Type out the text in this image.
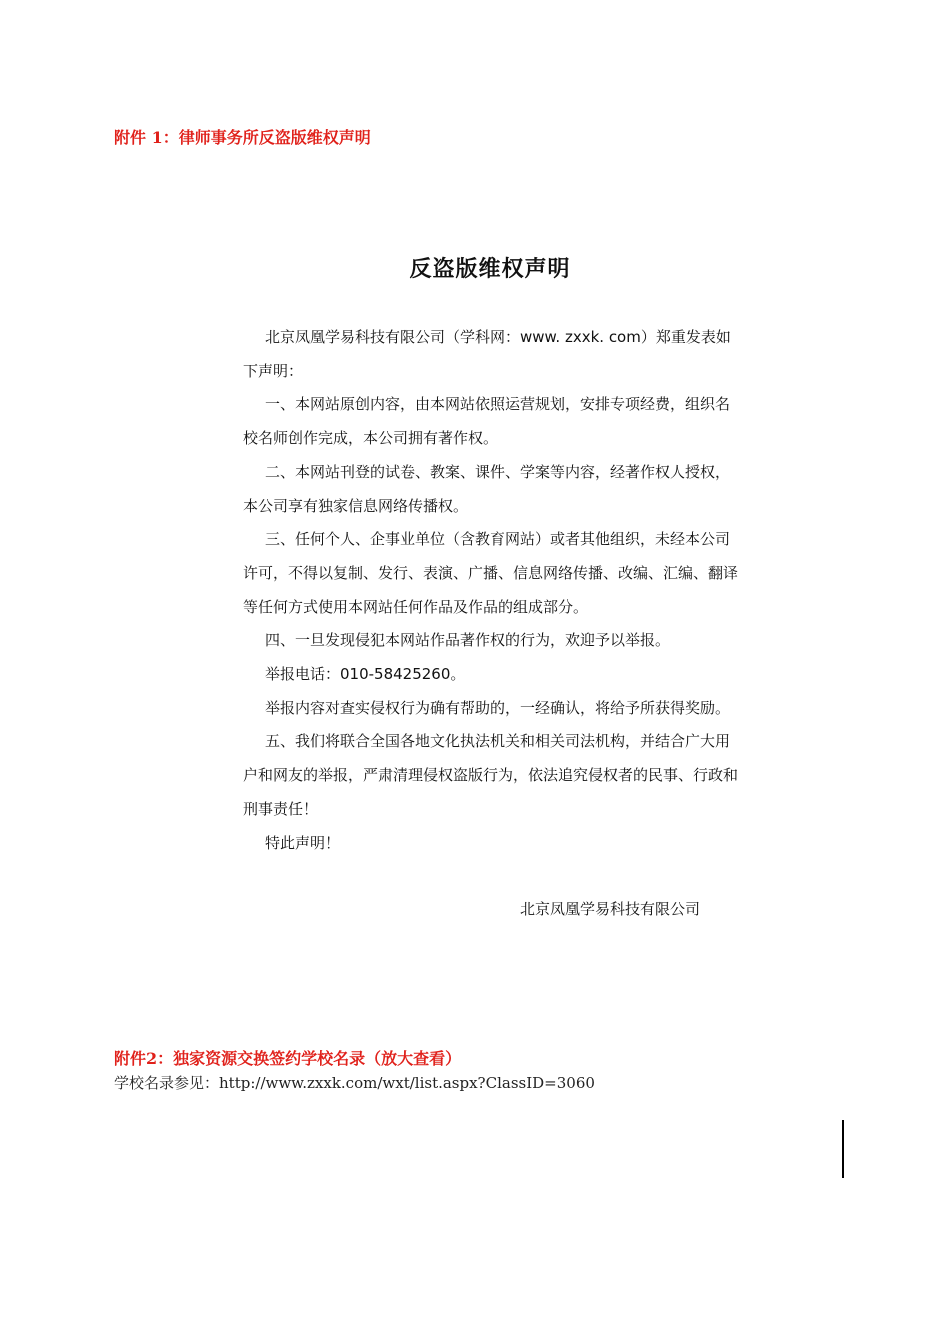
附件 1：律师事务所反盗版维权声明
反盗版维权声明

北京凤凰学易科技有限公司（学科网：www. zxxk. com）郑重发表如下声明：

一、本网站原创内容，由本网站依照运营规划，安排专项经费，组织名校名师创作完成，本公司拥有著作权。

二、本网站刊登的试卷、教案、课件、学案等内容，经著作权人授权，本公司享有独家信息网络传播权。

三、任何个人、企事业单位（含教育网站）或者其他组织，未经本公司许可，不得以复制、发行、表演、广播、信息网络传播、改编、汇编、翻译等任何方式使用本网站任何作品及作品的组成部分。

四、一旦发现侵犯本网站作品著作权的行为，欢迎予以举报。

举报电话：010-58425260。

举报内容对查实侵权行为确有帮助的，一经确认，将给予所获得奖励。

五、我们将联合全国各地文化执法机关和相关司法机构，并结合广大用户和网友的举报，严肃清理侵权盗版行为，依法追究侵权者的民事、行政和刑事责任！

特此声明！

北京凤凰学易科技有限公司
附件2：独家资源交换签约学校名录（放大查看）
学校名录参见：http://www.zxxk.com/wxt/list.aspx?ClassID=3060
